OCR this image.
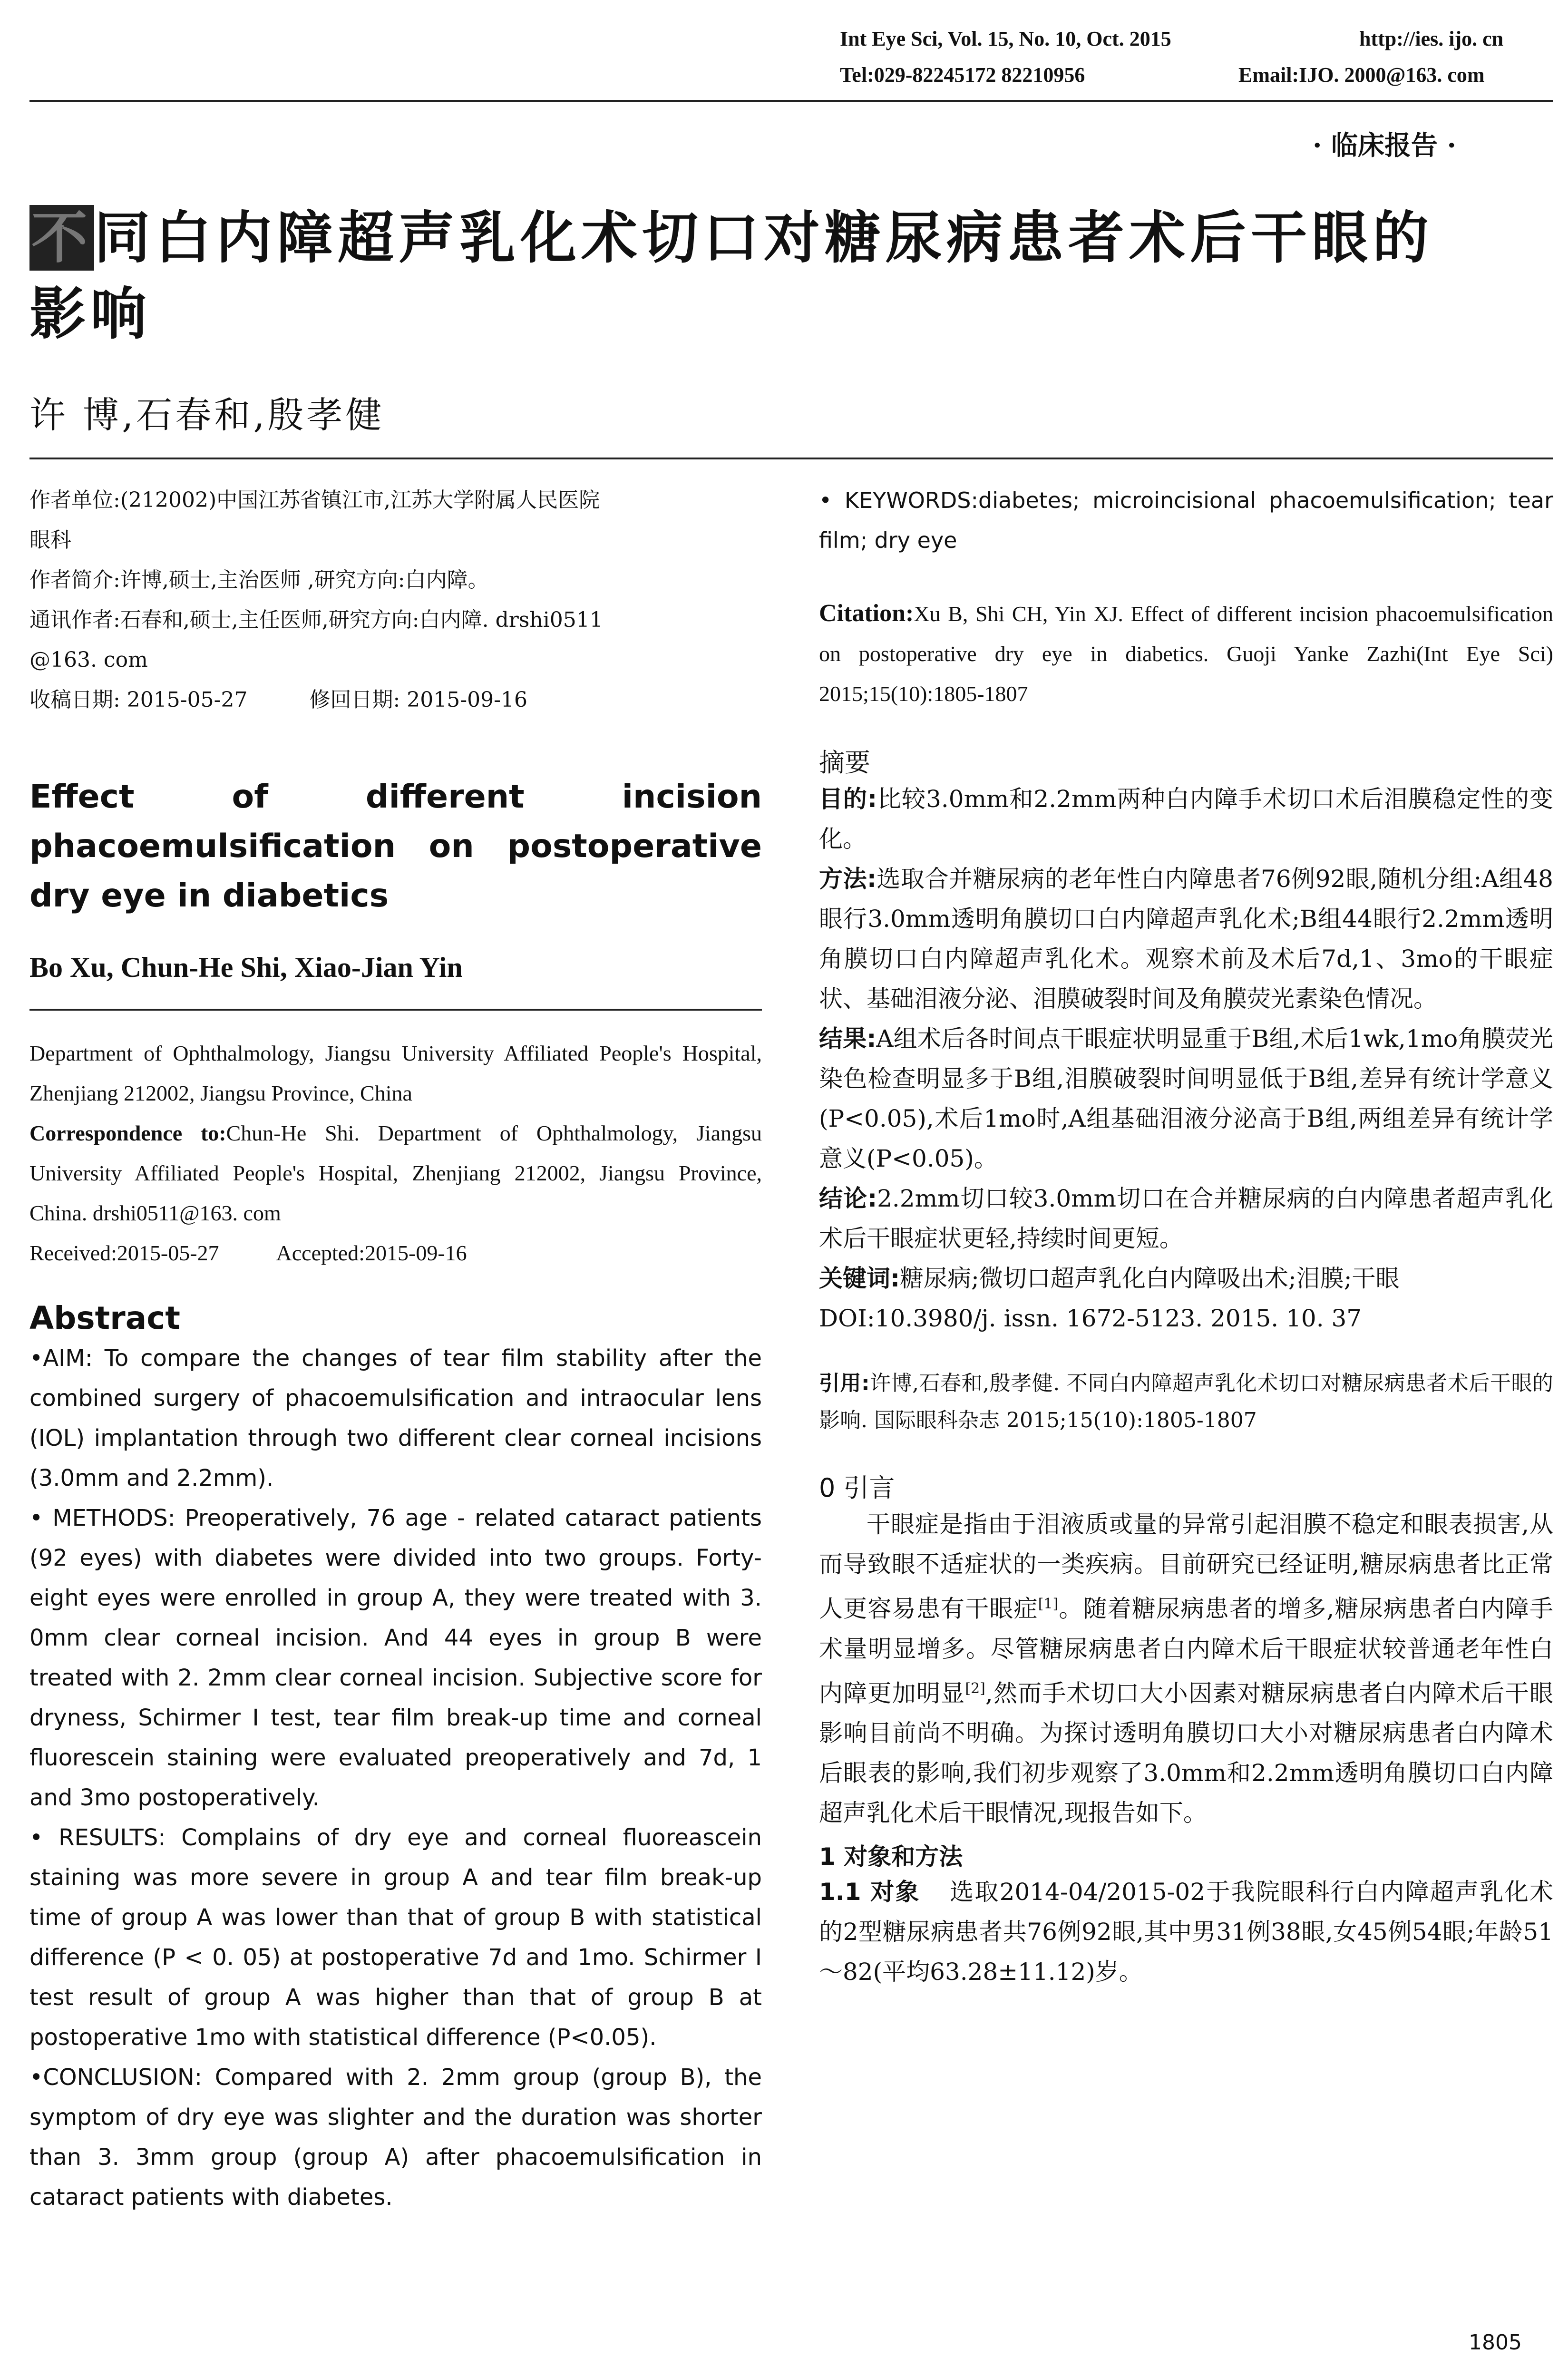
Int Eye Sci, Vol. 15, No. 10, Oct. 2015	http://ies. ijo. cn
Tel:029-82245172 82210956	Email:IJO. 2000@163. com
· 临床报告 ·
不同白内障超声乳化术切口对糖尿病患者术后干眼的
影响
许 博,石春和,殷孝健
作者单位:(212002)中国江苏省镇江市,江苏大学附属人民医院
眼科
作者简介:许博,硕士,主治医师 ,研究方向:白内障。
通讯作者:石春和,硕士,主任医师,研究方向:白内障. drshi0511
@163. com
收稿日期: 2015-05-27	修回日期: 2015-09-16
Effect of different incision phacoemulsification on postoperative dry eye in diabetics
Bo Xu, Chun-He Shi, Xiao-Jian Yin

Department of Ophthalmology, Jiangsu University Affiliated People's Hospital, Zhenjiang 212002, Jiangsu Province, China

Correspondence to:Chun-He Shi. Department of Ophthalmology, Jiangsu University Affiliated People's Hospital, Zhenjiang 212002, Jiangsu Province, China. drshi0511@163. com

Received:2015-05-27	Accepted:2015-09-16

Abstract

•AIM: To compare the changes of tear film stability after the combined surgery of phacoemulsification and intraocular lens (IOL) implantation through two different clear corneal incisions (3.0mm and 2.2mm).

• METHODS: Preoperatively, 76 age - related cataract patients (92 eyes) with diabetes were divided into two groups. Forty-eight eyes were enrolled in group A, they were treated with 3. 0mm clear corneal incision. And 44 eyes in group B were treated with 2. 2mm clear corneal incision. Subjective score for dryness, Schirmer I test, tear film break-up time and corneal fluorescein staining were evaluated preoperatively and 7d, 1 and 3mo postoperatively.

• RESULTS: Complains of dry eye and corneal fluoreascein staining was more severe in group A and tear film break-up time of group A was lower than that of group B with statistical difference (P < 0. 05) at postoperative 7d and 1mo. Schirmer Ⅰ test result of group A was higher than that of group B at postoperative 1mo with statistical difference (P<0.05).

•CONCLUSION: Compared with 2. 2mm group (group B), the symptom of dry eye was slighter and the duration was shorter than 3. 3mm group (group A) after phacoemulsification in cataract patients with diabetes.

• KEYWORDS:diabetes; microincisional phacoemulsification; tear film; dry eye
Citation:Xu B, Shi CH, Yin XJ. Effect of different incision phacoemulsification on postoperative dry eye in diabetics. Guoji Yanke Zazhi(Int Eye Sci) 2015;15(10):1805-1807
摘要

目的:比较3.0mm和2.2mm两种白内障手术切口术后泪膜稳定性的变化。

方法:选取合并糖尿病的老年性白内障患者76例92眼,随机分组:A组48眼行3.0mm透明角膜切口白内障超声乳化术;B组44眼行2.2mm透明角膜切口白内障超声乳化术。观察术前及术后7d,1、3mo的干眼症状、基础泪液分泌、泪膜破裂时间及角膜荧光素染色情况。

结果:A组术后各时间点干眼症状明显重于B组,术后1wk,1mo角膜荧光染色检查明显多于B组,泪膜破裂时间明显低于B组,差异有统计学意义(P<0.05),术后1mo时,A组基础泪液分泌高于B组,两组差异有统计学意义(P<0.05)。

结论:2.2mm切口较3.0mm切口在合并糖尿病的白内障患者超声乳化术后干眼症状更轻,持续时间更短。

关键词:糖尿病;微切口超声乳化白内障吸出术;泪膜;干眼

DOI:10.3980/j. issn. 1672-5123. 2015. 10. 37

引用:许博,石春和,殷孝健. 不同白内障超声乳化术切口对糖尿病患者术后干眼的影响. 国际眼科杂志 2015;15(10):1805-1807
0 引言

干眼症是指由于泪液质或量的异常引起泪膜不稳定和眼表损害,从而导致眼不适症状的一类疾病。目前研究已经证明,糖尿病患者比正常人更容易患有干眼症[1]。随着糖尿病患者的增多,糖尿病患者白内障手术量明显增多。尽管糖尿病患者白内障术后干眼症状较普通老年性白内障更加明显[2],然而手术切口大小因素对糖尿病患者白内障术后干眼影响目前尚不明确。为探讨透明角膜切口大小对糖尿病患者白内障术后眼表的影响,我们初步观察了3.0mm和2.2mm透明角膜切口白内障超声乳化术后干眼情况,现报告如下。

1 对象和方法

1.1 对象 选取2014-04/2015-02于我院眼科行白内障超声乳化术的2型糖尿病患者共76例92眼,其中男31例38眼,女45例54眼;年龄51～82(平均63.28±11.12)岁。

1805
